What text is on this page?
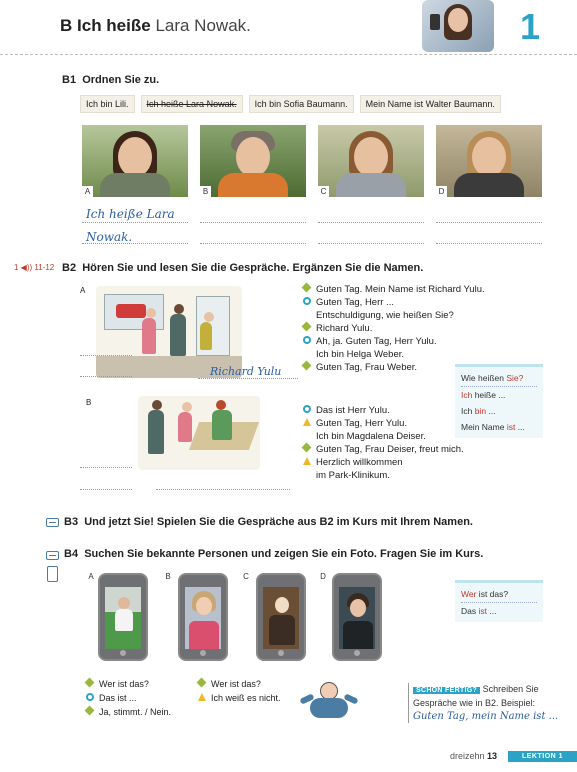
B Ich heiße Lara Nowak.	1
B1 Ordnen Sie zu.
Ich bin Lili.	Ich heiße Lara Nowak.	Ich bin Sofia Baumann.	Mein Name ist Walter Baumann.
A	B	C	D
Ich heiße Lara
Nowak.
1 ◀)) 11-12 B2 Hören Sie und lesen Sie die Gespräche. Ergänzen Sie die Namen.
A
Richard Yulu
B
Guten Tag. Mein Name ist Richard Yulu.
Guten Tag, Herr ...
Entschuldigung, wie heißen Sie?
Richard Yulu.
Ah, ja. Guten Tag, Herr Yulu.
Ich bin Helga Weber.
Guten Tag, Frau Weber.
Das ist Herr Yulu.
Guten Tag, Herr Yulu.
Ich bin Magdalena Deiser.
Guten Tag, Frau Deiser, freut mich.
Herzlich willkommen
im Park-Klinikum.
Wie heißen Sie?
Ich heiße ...
Ich bin ...
Mein Name ist ...
B3 Und jetzt Sie! Spielen Sie die Gespräche aus B2 im Kurs mit Ihrem Namen.
B4 Suchen Sie bekannte Personen und zeigen Sie ein Foto. Fragen Sie im Kurs.
A	B	C	D
Wer ist das?
Das ist ...
Wer ist das?
Das ist ...
Ja, stimmt. / Nein.
Wer ist das?
Ich weiß es nicht.
SCHON FERTIG? Schreiben Sie
Gespräche wie in B2. Beispiel:
Guten Tag, mein Name ist ...
dreizehn 13	LEKTION 1
